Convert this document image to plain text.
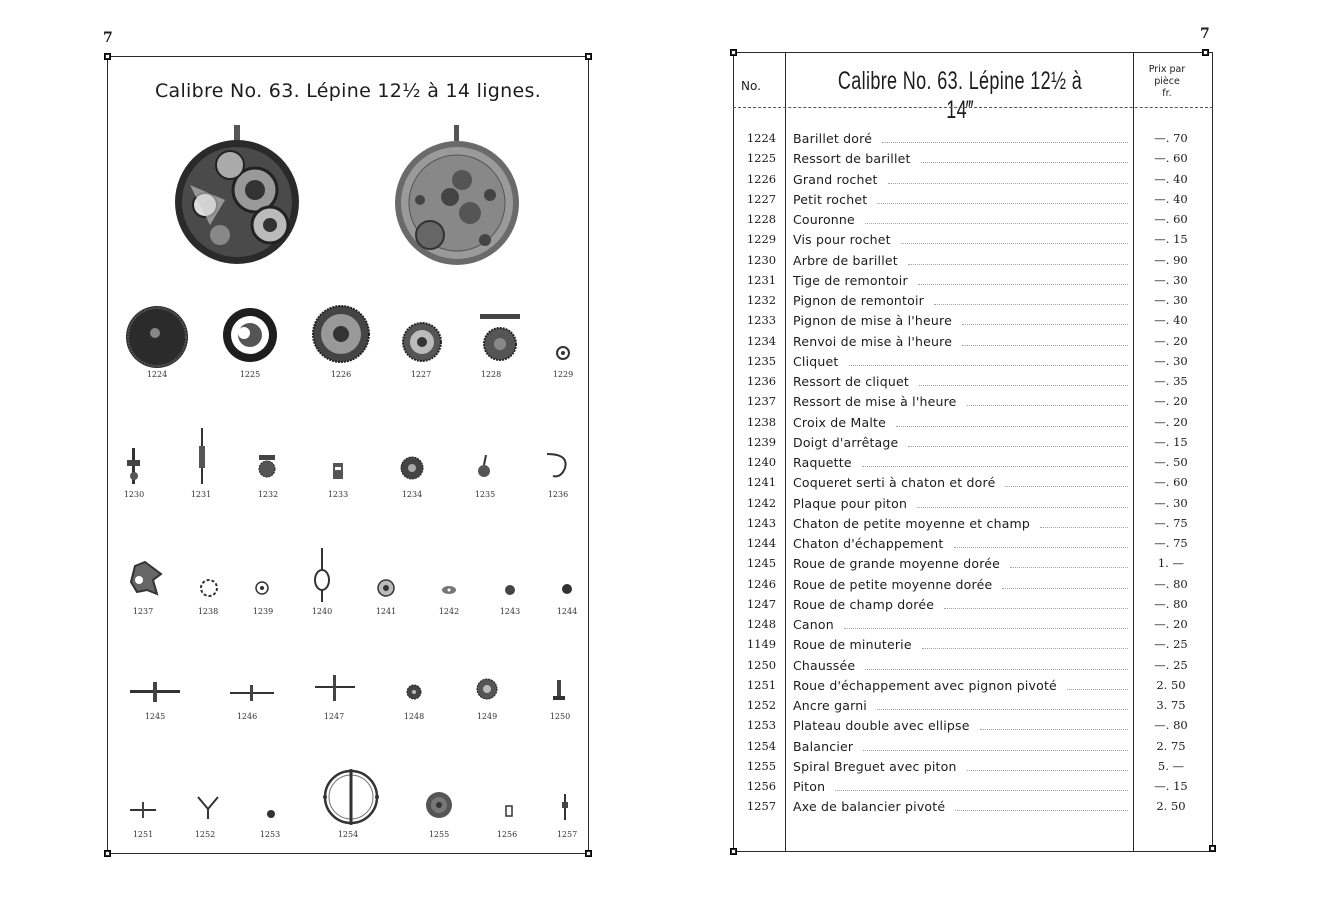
7
Calibre No. 63. Lépine 12½ à 14 lignes.
1224	1225	1226	1227	1228	1229
1230	1231	1232	1233	1234	1235	1236
1237	1238	1239	1240	1241	1242	1243	1244
1245	1246	1247	1248	1249	1250
1251	1252	1253	1254	1255	1256	1257
7
No.	Calibre No. 63. Lépine 12½ à 14‴
Prix par pièce
fr.
1224	Barillet doré	—. 70
1225	Ressort de barillet	—. 60
1226	Grand rochet	—. 40
1227	Petit rochet	—. 40
1228	Couronne	—. 60
1229	Vis pour rochet	—. 15
1230	Arbre de barillet	—. 90
1231	Tige de remontoir	—. 30
1232	Pignon de remontoir	—. 30
1233	Pignon de mise à l'heure	—. 40
1234	Renvoi de mise à l'heure	—. 20
1235	Cliquet	—. 30
1236	Ressort de cliquet	—. 35
1237	Ressort de mise à l'heure	—. 20
1238	Croix de Malte	—. 20
1239	Doigt d'arrêtage	—. 15
1240	Raquette	—. 50
1241	Coqueret serti à chaton et doré	—. 60
1242	Plaque pour piton	—. 30
1243	Chaton de petite moyenne et champ	—. 75
1244	Chaton d'échappement	—. 75
1245	Roue de grande moyenne dorée	1. —
1246	Roue de petite moyenne dorée	—. 80
1247	Roue de champ dorée	—. 80
1248	Canon	—. 20
1149	Roue de minuterie	—. 25
1250	Chaussée	—. 25
1251	Roue d'échappement avec pignon pivoté	2. 50
1252	Ancre garni	3. 75
1253	Plateau double avec ellipse	—. 80
1254	Balancier	2. 75
1255	Spiral Breguet avec piton	5. —
1256	Piton	—. 15
1257	Axe de balancier pivoté	2. 50
